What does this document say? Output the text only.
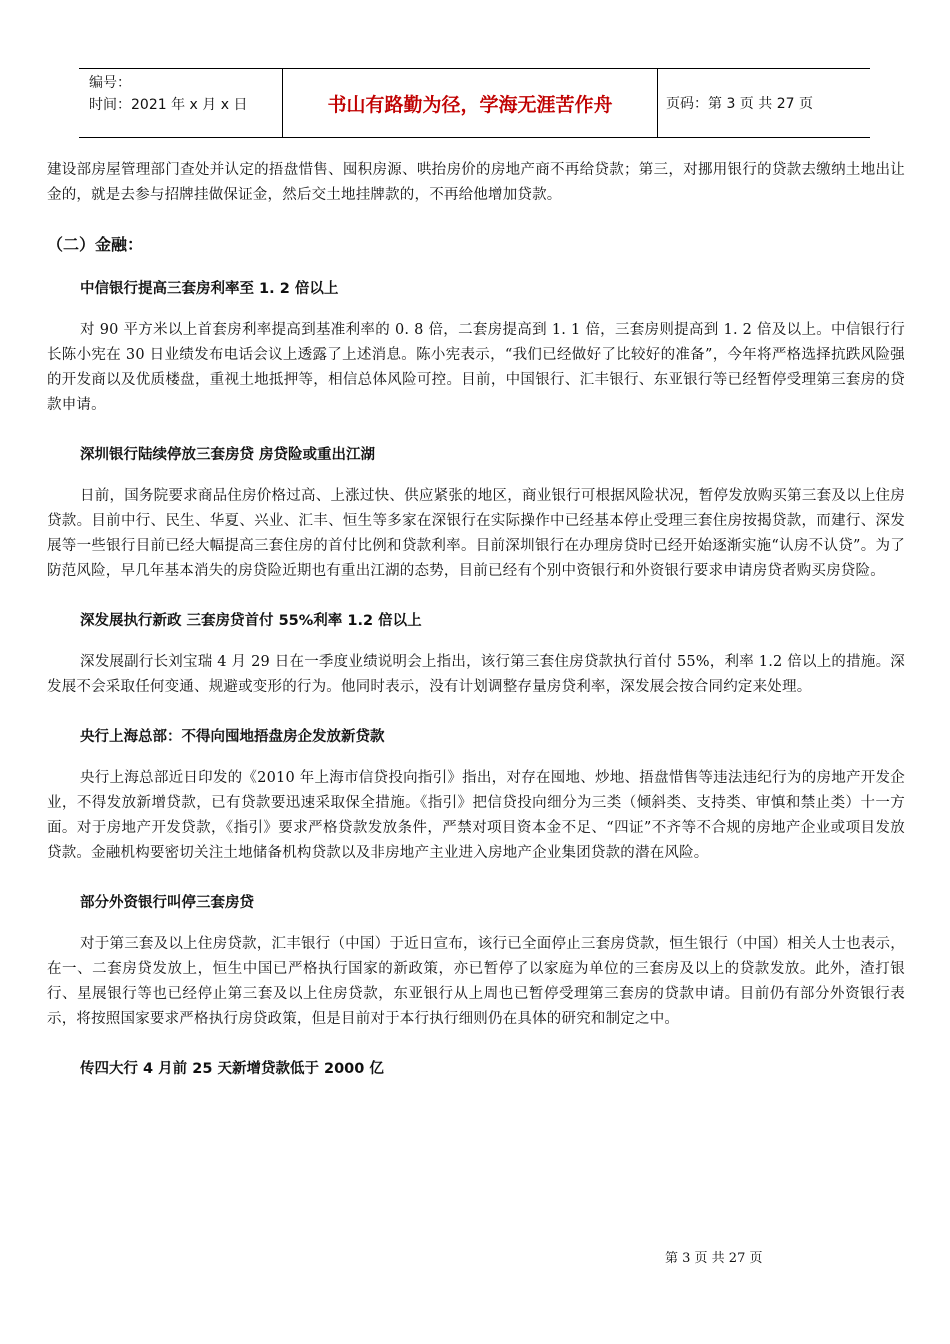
编号：
时间：2021 年 x 月 x 日	书山有路勤为径，学海无涯苦作舟	页码：第 3 页 共 27 页

建设部房屋管理部门查处并认定的捂盘惜售、囤积房源、哄抬房价的房地产商不再给贷款；第三，对挪用银行的贷款去缴纳土地出让金的，就是去参与招牌挂做保证金，然后交土地挂牌款的，不再给他增加贷款。

（二）金融：
中信银行提高三套房利率至 1. 2 倍以上

对 90 平方米以上首套房利率提高到基准利率的 0. 8 倍，二套房提高到 1. 1 倍，三套房则提高到 1. 2 倍及以上。中信银行行长陈小宪在 30 日业绩发布电话会议上透露了上述消息。陈小宪表示，“我们已经做好了比较好的准备”，今年将严格选择抗跌风险强的开发商以及优质楼盘，重视土地抵押等，相信总体风险可控。目前，中国银行、汇丰银行、东亚银行等已经暂停受理第三套房的贷款申请。

深圳银行陆续停放三套房贷 房贷险或重出江湖

日前，国务院要求商品住房价格过高、上涨过快、供应紧张的地区，商业银行可根据风险状况，暂停发放购买第三套及以上住房贷款。目前中行、民生、华夏、兴业、汇丰、恒生等多家在深银行在实际操作中已经基本停止受理三套住房按揭贷款，而建行、深发展等一些银行目前已经大幅提高三套住房的首付比例和贷款利率。目前深圳银行在办理房贷时已经开始逐渐实施“认房不认贷”。为了防范风险，早几年基本消失的房贷险近期也有重出江湖的态势，目前已经有个别中资银行和外资银行要求申请房贷者购买房贷险。

深发展执行新政 三套房贷首付 55%利率 1.2 倍以上

深发展副行长刘宝瑞 4 月 29 日在一季度业绩说明会上指出，该行第三套住房贷款执行首付 55%，利率 1.2 倍以上的措施。深发展不会采取任何变通、规避或变形的行为。他同时表示，没有计划调整存量房贷利率，深发展会按合同约定来处理。

央行上海总部：不得向囤地捂盘房企发放新贷款

央行上海总部近日印发的《2010 年上海市信贷投向指引》指出，对存在囤地、炒地、捂盘惜售等违法违纪行为的房地产开发企业，不得发放新增贷款，已有贷款要迅速采取保全措施。《指引》把信贷投向细分为三类（倾斜类、支持类、审慎和禁止类）十一方面。对于房地产开发贷款，《指引》要求严格贷款发放条件，严禁对项目资本金不足、“四证”不齐等不合规的房地产企业或项目发放贷款。金融机构要密切关注土地储备机构贷款以及非房地产主业进入房地产企业集团贷款的潜在风险。

部分外资银行叫停三套房贷

对于第三套及以上住房贷款，汇丰银行（中国）于近日宣布，该行已全面停止三套房贷款，恒生银行（中国）相关人士也表示，在一、二套房贷发放上，恒生中国已严格执行国家的新政策，亦已暂停了以家庭为单位的三套房及以上的贷款发放。此外，渣打银行、星展银行等也已经停止第三套及以上住房贷款，东亚银行从上周也已暂停受理第三套房的贷款申请。目前仍有部分外资银行表示，将按照国家要求严格执行房贷政策，但是目前对于本行执行细则仍在具体的研究和制定之中。

传四大行 4 月前 25 天新增贷款低于 2000 亿
第 3 页 共 27 页
